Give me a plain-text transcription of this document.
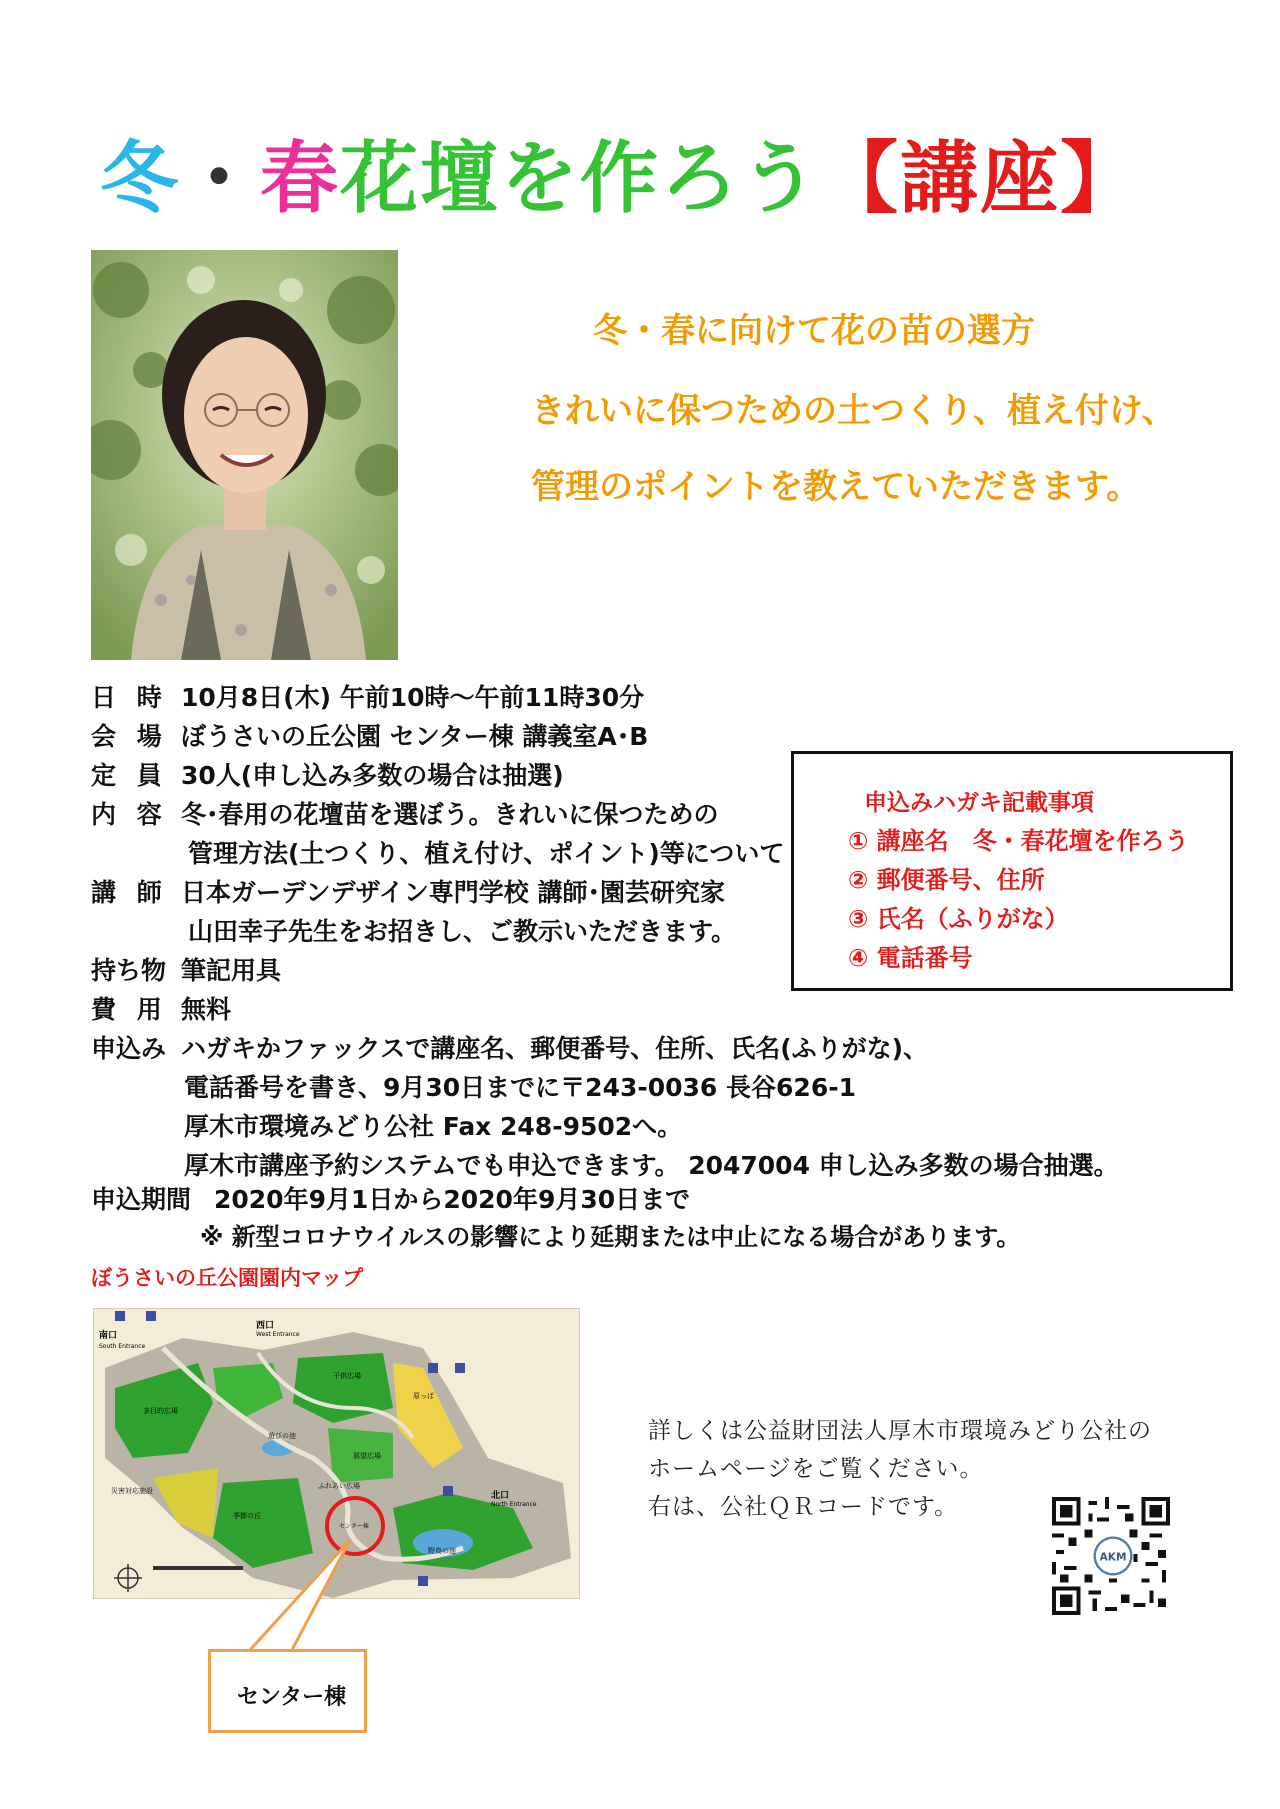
冬・春花壇を作ろう【講座】
冬・春に向けて花の苗の選方
きれいに保つための土つくり、植え付け、
管理のポイントを教えていただきます。
日 時 10月8日(木) 午前10時～午前11時30分
会 場 ぼうさいの丘公園 センター棟 講義室A･B
定 員 30人(申し込み多数の場合は抽選)
内 容 冬･春用の花壇苗を選ぼう。きれいに保つための
管理方法(土つくり、植え付け、ポイント)等について
講 師 日本ガーデンデザイン専門学校 講師･園芸研究家
山田幸子先生をお招きし、ご教示いただきます。
持ち物 筆記用具
費 用 無料
申込み ハガキかファックスで講座名、郵便番号、住所、氏名(ふりがな)、
電話番号を書き、9月30日までに〒243-0036 長谷626-1
厚木市環境みどり公社 Fax 248-9502へ。
厚木市講座予約システムでも申込できます。 2047004 申し込み多数の場合抽選。
申込期間 2020年9月1日から2020年9月30日まで
※ 新型コロナウイルスの影響により延期または中止になる場合があります。
申込みハガキ記載事項
① 講座名　冬・春花壇を作ろう
② 郵便番号、住所
③ 氏名（ふりがな）
④ 電話番号
ぼうさいの丘公園園内マップ
南口
South Entrance
西口
West Entrance
北口
North Entrance
多目的広場
子供広場
原っぱ
季節の丘
遊びの池
ふれあい広場
展望広場
野鳥の池
センター棟
災害対応施設
センター棟
詳しくは公益財団法人厚木市環境みどり公社の
ホームページをご覧ください。
右は、公社ＱＲコードです。
AKM
